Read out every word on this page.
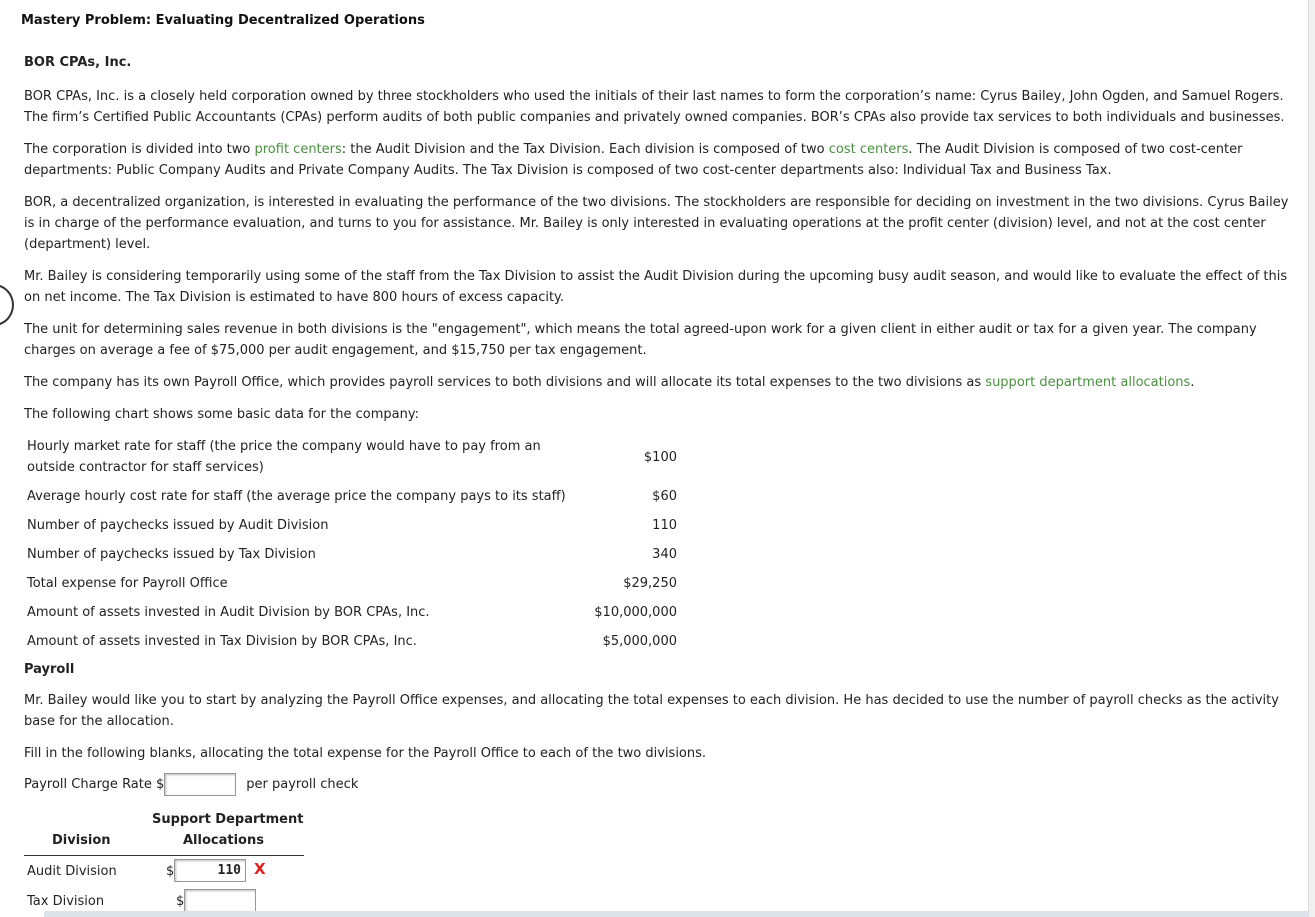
Mastery Problem: Evaluating Decentralized Operations
BOR CPAs, Inc.

BOR CPAs, Inc. is a closely held corporation owned by three stockholders who used the initials of their last names to form the corporation’s name: Cyrus Bailey, John Ogden, and Samuel Rogers. The firm’s Certified Public Accountants (CPAs) perform audits of both public companies and privately owned companies. BOR’s CPAs also provide tax services to both individuals and businesses.

The corporation is divided into two profit centers: the Audit Division and the Tax Division. Each division is composed of two cost centers. The Audit Division is composed of two cost-center departments: Public Company Audits and Private Company Audits. The Tax Division is composed of two cost-center departments also: Individual Tax and Business Tax.

BOR, a decentralized organization, is interested in evaluating the performance of the two divisions. The stockholders are responsible for deciding on investment in the two divisions. Cyrus Bailey is in charge of the performance evaluation, and turns to you for assistance. Mr. Bailey is only interested in evaluating operations at the profit center (division) level, and not at the cost center (department) level.

Mr. Bailey is considering temporarily using some of the staff from the Tax Division to assist the Audit Division during the upcoming busy audit season, and would like to evaluate the effect of this on net income. The Tax Division is estimated to have 800 hours of excess capacity.

The unit for determining sales revenue in both divisions is the "engagement", which means the total agreed-upon work for a given client in either audit or tax for a given year. The company charges on average a fee of $75,000 per audit engagement, and $15,750 per tax engagement.

The company has its own Payroll Office, which provides payroll services to both divisions and will allocate its total expenses to the two divisions as support department allocations.

The following chart shows some basic data for the company:

Hourly market rate for staff (the price the company would have to pay from an outside contractor for staff services)	$100
Average hourly cost rate for staff (the average price the company pays to its staff)	$60
Number of paychecks issued by Audit Division	110
Number of paychecks issued by Tax Division	340
Total expense for Payroll Office	$29,250
Amount of assets invested in Audit Division by BOR CPAs, Inc.	$10,000,000
Amount of assets invested in Tax Division by BOR CPAs, Inc.	$5,000,000
Payroll

Mr. Bailey would like you to start by analyzing the Payroll Office expenses, and allocating the total expenses to each division. He has decided to use the number of payroll checks as the activity base for the allocation.

Fill in the following blanks, allocating the total expense for the Payroll Office to each of the two divisions.

Payroll Charge Rate $	per payroll check
Division
Support Department
Allocations
Audit Division	$	110 X
Tax Division	$
